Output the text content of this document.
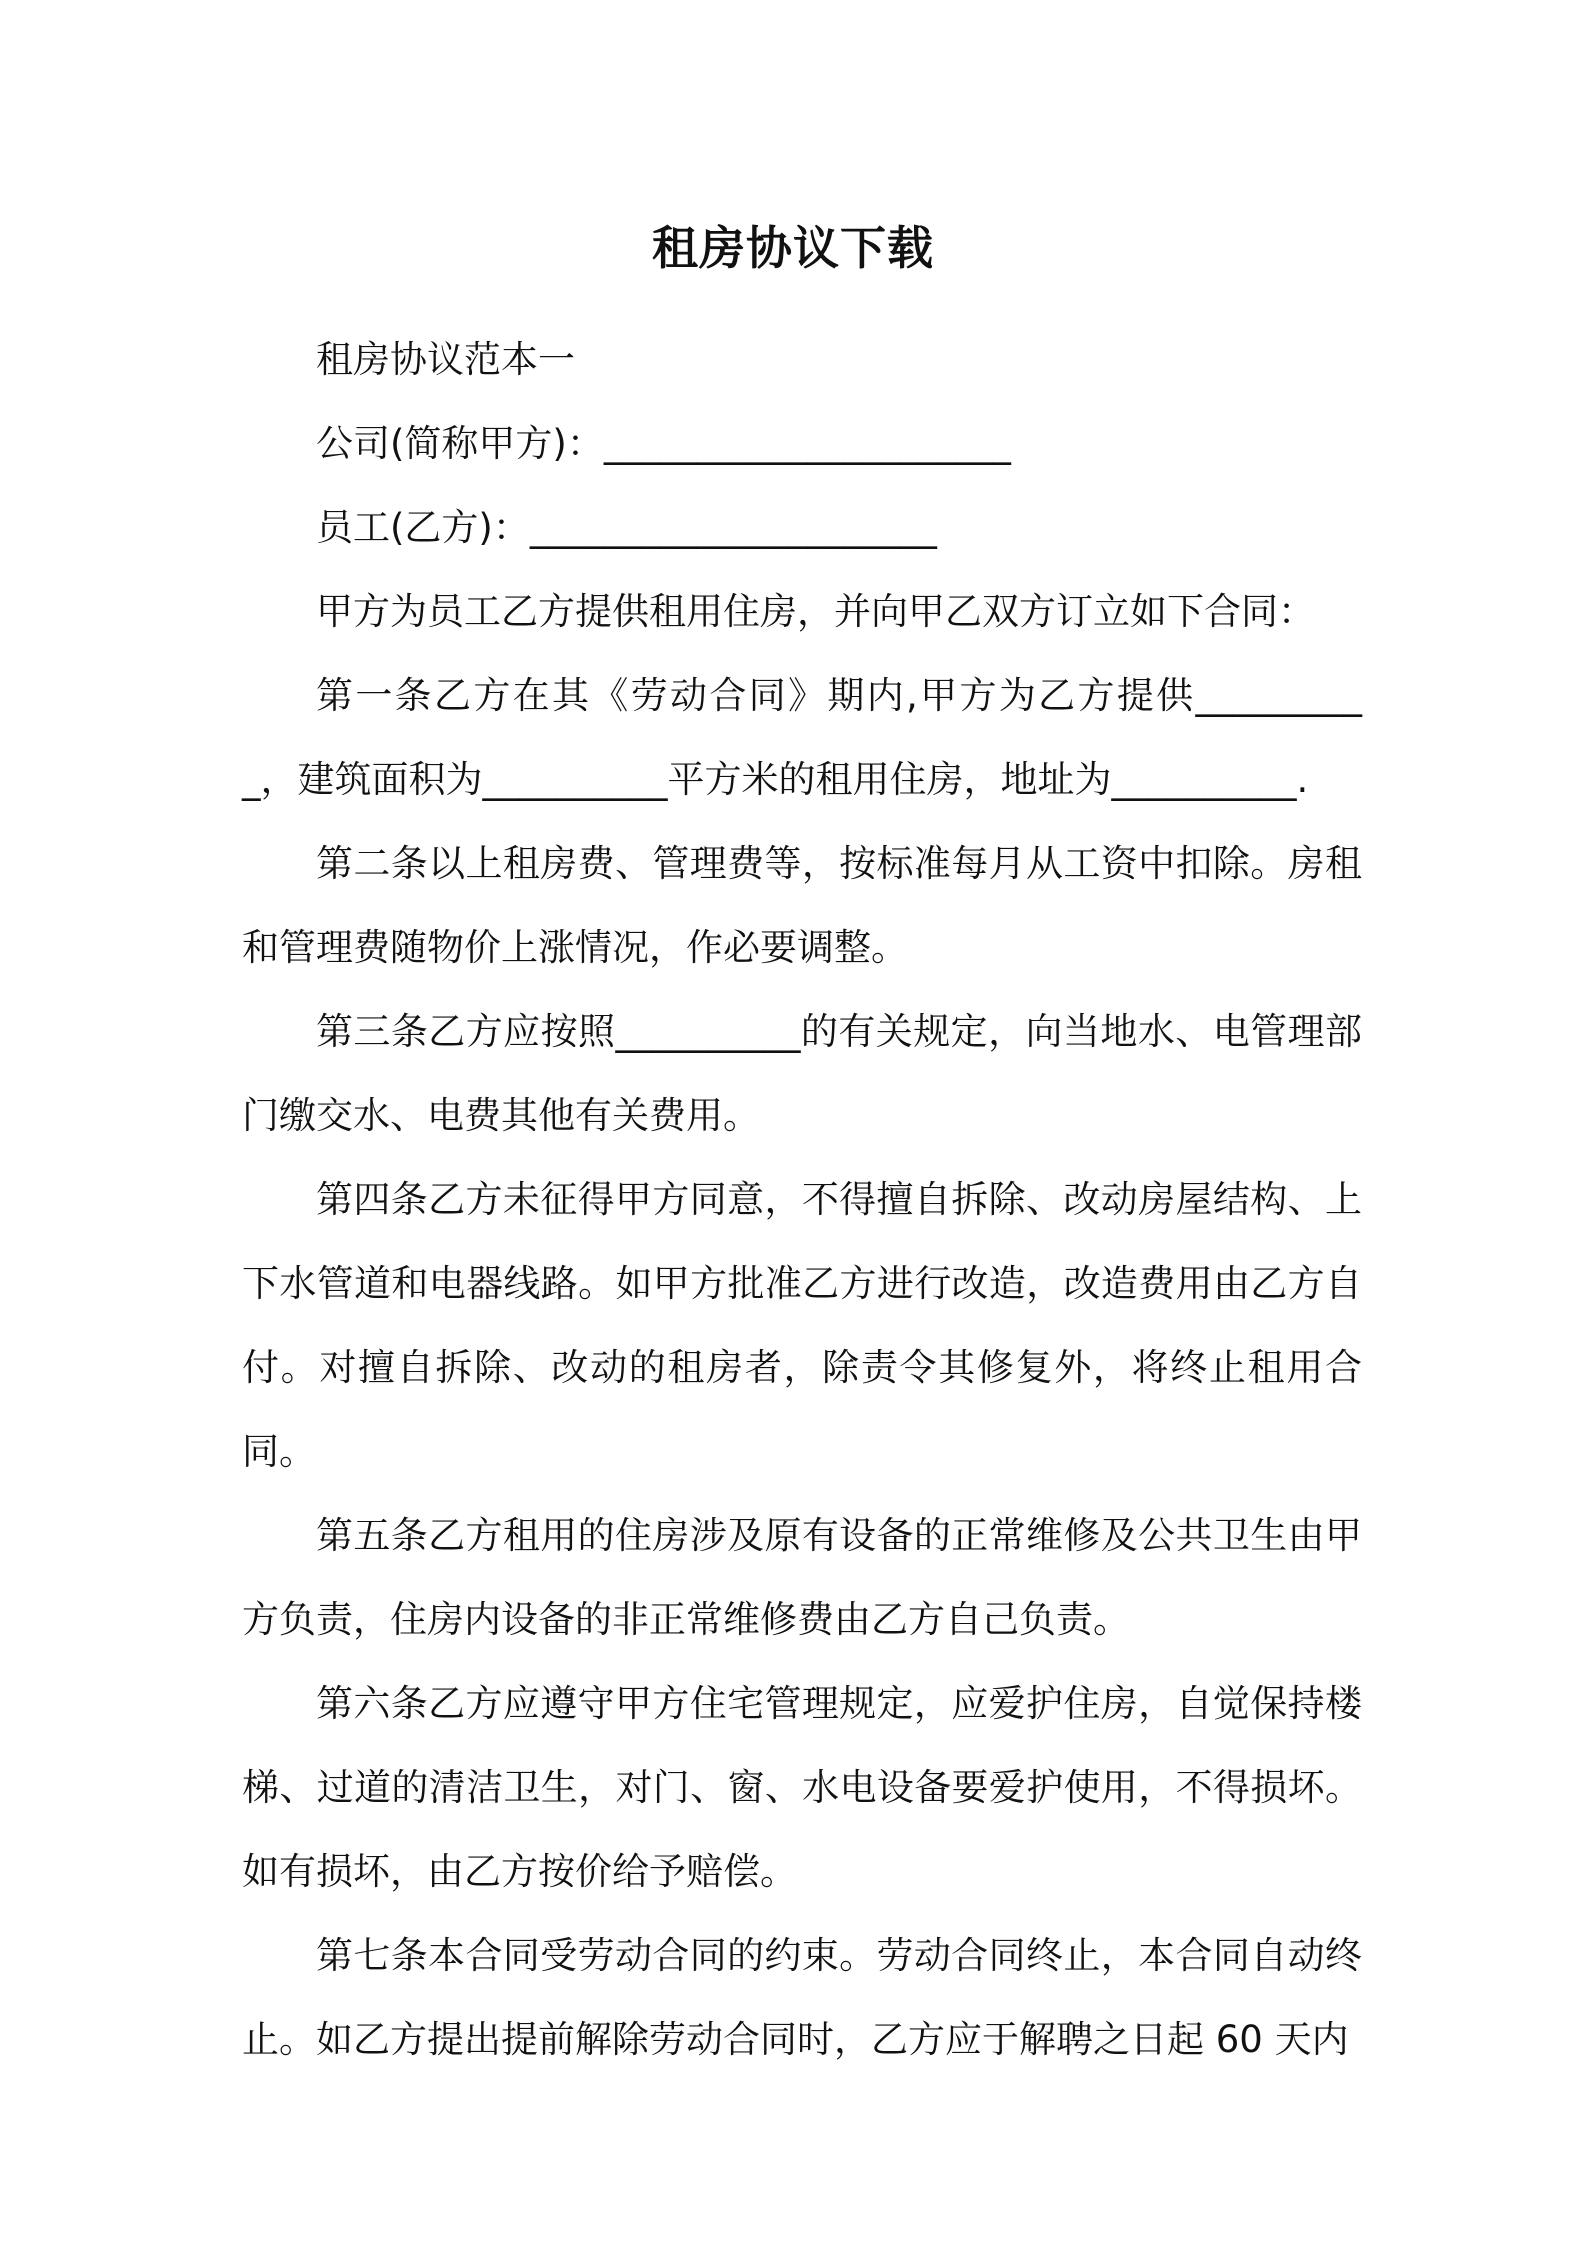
租房协议下载

租房协议范本一

公司(简称甲方)：______________________

员工(乙方)：______________________

甲方为员工乙方提供租用住房，并向甲乙双方订立如下合同：

第一条乙方在其《劳动合同》期内,甲方为乙方提供__________，建筑面积为__________平方米的租用住房，地址为__________.

第二条以上租房费、管理费等，按标准每月从工资中扣除。房租和管理费随物价上涨情况，作必要调整。

第三条乙方应按照__________的有关规定，向当地水、电管理部门缴交水、电费其他有关费用。

第四条乙方未征得甲方同意，不得擅自拆除、改动房屋结构、上下水管道和电器线路。如甲方批准乙方进行改造，改造费用由乙方自付。对擅自拆除、改动的租房者，除责令其修复外，将终止租用合同。

第五条乙方租用的住房涉及原有设备的正常维修及公共卫生由甲方负责，住房内设备的非正常维修费由乙方自己负责。

第六条乙方应遵守甲方住宅管理规定，应爱护住房，自觉保持楼梯、过道的清洁卫生，对门、窗、水电设备要爱护使用，不得损坏。如有损坏，由乙方按价给予赔偿。

第七条本合同受劳动合同的约束。劳动合同终止，本合同自动终止。如乙方提出提前解除劳动合同时，乙方应于解聘之日起 60 天内
